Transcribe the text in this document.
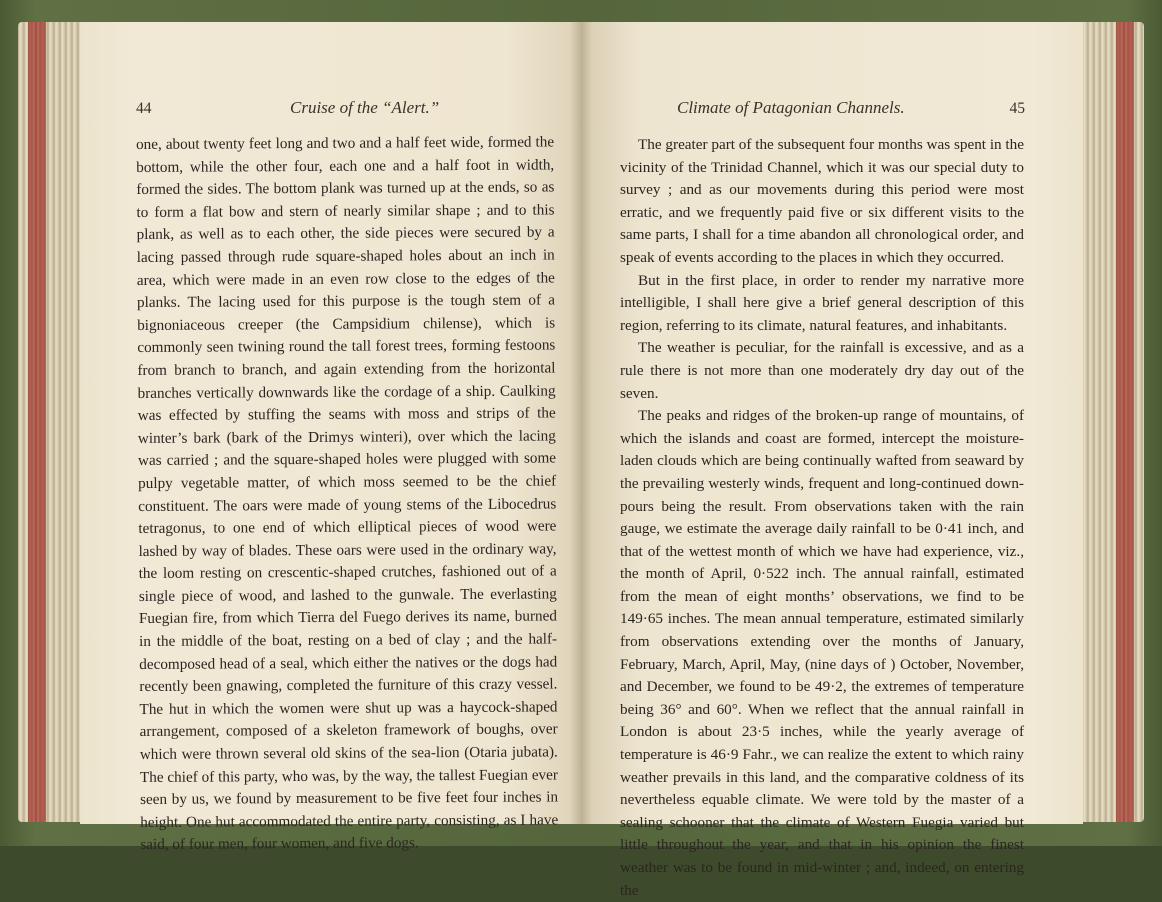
44	Cruise of the “Alert.”

one, about twenty feet long and two and a half feet wide, formed the bottom, while the other four, each one and a half foot in width, formed the sides. The bottom plank was turned up at the ends, so as to form a flat bow and stern of nearly similar shape ; and to this plank, as well as to each other, the side pieces were secured by a lacing passed through rude square-shaped holes about an inch in area, which were made in an even row close to the edges of the planks. The lacing used for this purpose is the tough stem of a bignoniaceous creeper (the Campsidium chilense), which is commonly seen twining round the tall forest trees, forming festoons from branch to branch, and again extending from the horizontal branches vertically downwards like the cordage of a ship. Caulking was effected by stuffing the seams with moss and strips of the winter’s bark (bark of the Drimys winteri), over which the lacing was carried ; and the square-shaped holes were plugged with some pulpy vegetable matter, of which moss seemed to be the chief constituent. The oars were made of young stems of the Libocedrus tetragonus, to one end of which elliptical pieces of wood were lashed by way of blades. These oars were used in the ordinary way, the loom resting on crescentic-shaped crutches, fashioned out of a single piece of wood, and lashed to the gunwale. The everlasting Fuegian fire, from which Tierra del Fuego derives its name, burned in the middle of the boat, resting on a bed of clay ; and the half-decomposed head of a seal, which either the natives or the dogs had recently been gnawing, completed the furniture of this crazy vessel. The hut in which the women were shut up was a haycock-shaped arrangement, composed of a skeleton framework of boughs, over which were thrown several old skins of the sea-lion (Otaria jubata). The chief of this party, who was, by the way, the tallest Fuegian ever seen by us, we found by measurement to be five feet four inches in height. One hut accommodated the entire party, consisting, as I have said, of four men, four women, and five dogs.

Climate of Patagonian Channels.	45

The greater part of the subsequent four months was spent in the vicinity of the Trinidad Channel, which it was our special duty to survey ; and as our movements during this period were most erratic, and we frequently paid five or six different visits to the same parts, I shall for a time abandon all chronological order, and speak of events according to the places in which they occurred.

But in the first place, in order to render my narrative more intelligible, I shall here give a brief general description of this region, referring to its climate, natural features, and inhabitants.

The weather is peculiar, for the rainfall is excessive, and as a rule there is not more than one moderately dry day out of the seven.

The peaks and ridges of the broken-up range of mountains, of which the islands and coast are formed, intercept the moisture-laden clouds which are being continually wafted from seaward by the prevailing westerly winds, frequent and long-continued down-pours being the result. From observations taken with the rain gauge, we estimate the average daily rainfall to be 0·41 inch, and that of the wettest month of which we have had experience, viz., the month of April, 0·522 inch. The annual rainfall, estimated from the mean of eight months’ observations, we find to be 149·65 inches. The mean annual temperature, estimated similarly from observations extending over the months of January, February, March, April, May, (nine days of ) October, November, and December, we found to be 49·2, the extremes of temperature being 36° and 60°. When we reflect that the annual rainfall in London is about 23·5 inches, while the yearly average of temperature is 46·9 Fahr., we can realize the extent to which rainy weather prevails in this land, and the comparative coldness of its nevertheless equable climate. We were told by the master of a sealing schooner that the climate of Western Fuegia varied but little throughout the year, and that in his opinion the finest weather was to be found in mid-winter ; and, indeed, on entering the
